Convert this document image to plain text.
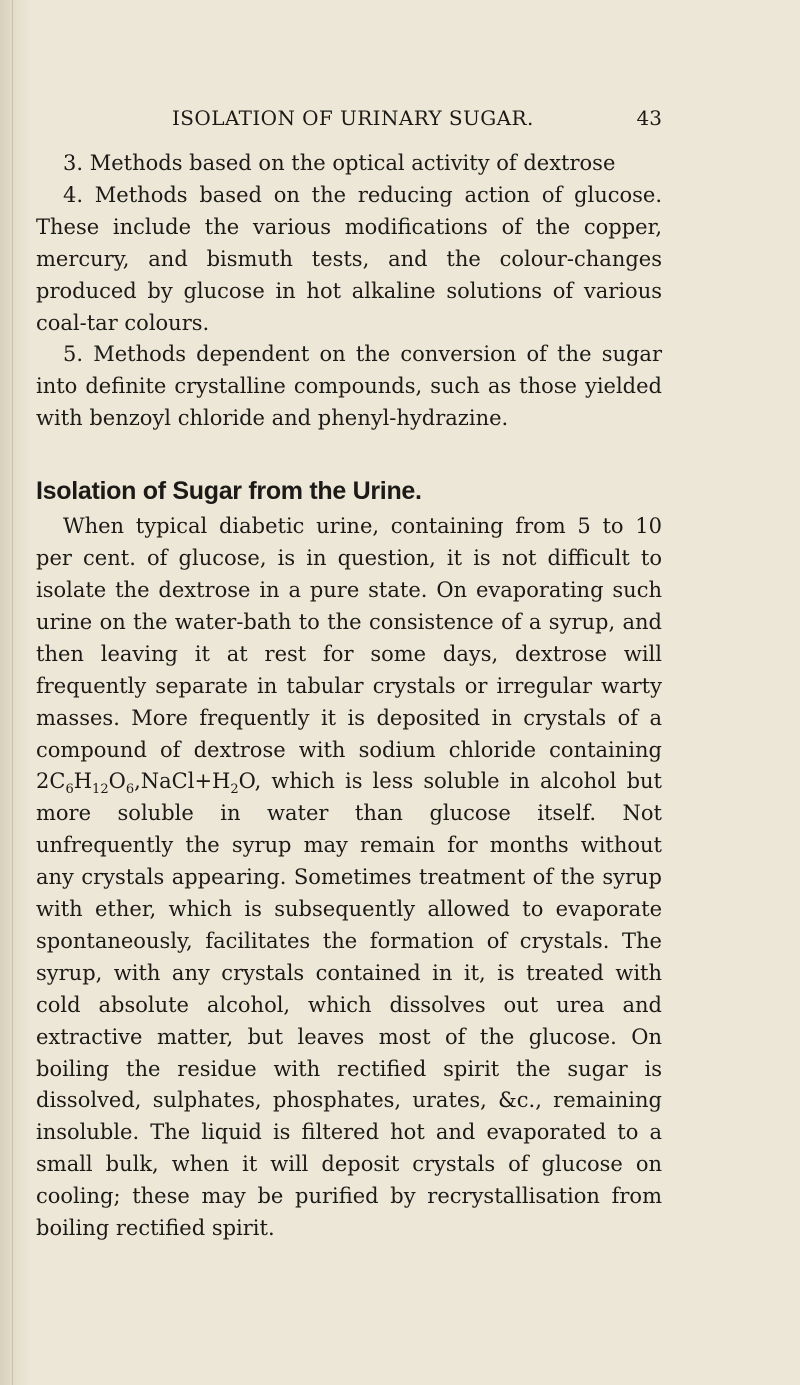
ISOLATION OF URINARY SUGAR.	43

3. Methods based on the optical activity of dextrose

4. Methods based on the reducing action of glucose. These include the various modifications of the copper, mercury, and bismuth tests, and the colour-changes produced by glucose in hot alkaline solutions of various coal-tar colours.

5. Methods dependent on the conversion of the sugar into definite crystalline compounds, such as those yielded with benzoyl chloride and phenyl-hydrazine.

Isolation of Sugar from the Urine.

When typical diabetic urine, containing from 5 to 10 per cent. of glucose, is in question, it is not difficult to isolate the dextrose in a pure state. On evaporating such urine on the water-bath to the consistence of a syrup, and then leaving it at rest for some days, dextrose will frequently separate in tabular crystals or irregular warty masses. More frequently it is deposited in crystals of a compound of dextrose with sodium chloride containing $2C_6H_{12}O_6,NaCl+H_2O$, which is less soluble in alcohol but more soluble in water than glucose itself. Not unfrequently the syrup may remain for months without any crystals appearing. Sometimes treatment of the syrup with ether, which is subsequently allowed to evaporate spontaneously, facilitates the formation of crystals. The syrup, with any crystals contained in it, is treated with cold absolute alcohol, which dissolves out urea and extractive matter, but leaves most of the glucose. On boiling the residue with rectified spirit the sugar is dissolved, sulphates, phosphates, urates, &c., remaining insoluble. The liquid is filtered hot and evaporated to a small bulk, when it will deposit crystals of glucose on cooling; these may be purified by recrystallisation from boiling rectified spirit.
